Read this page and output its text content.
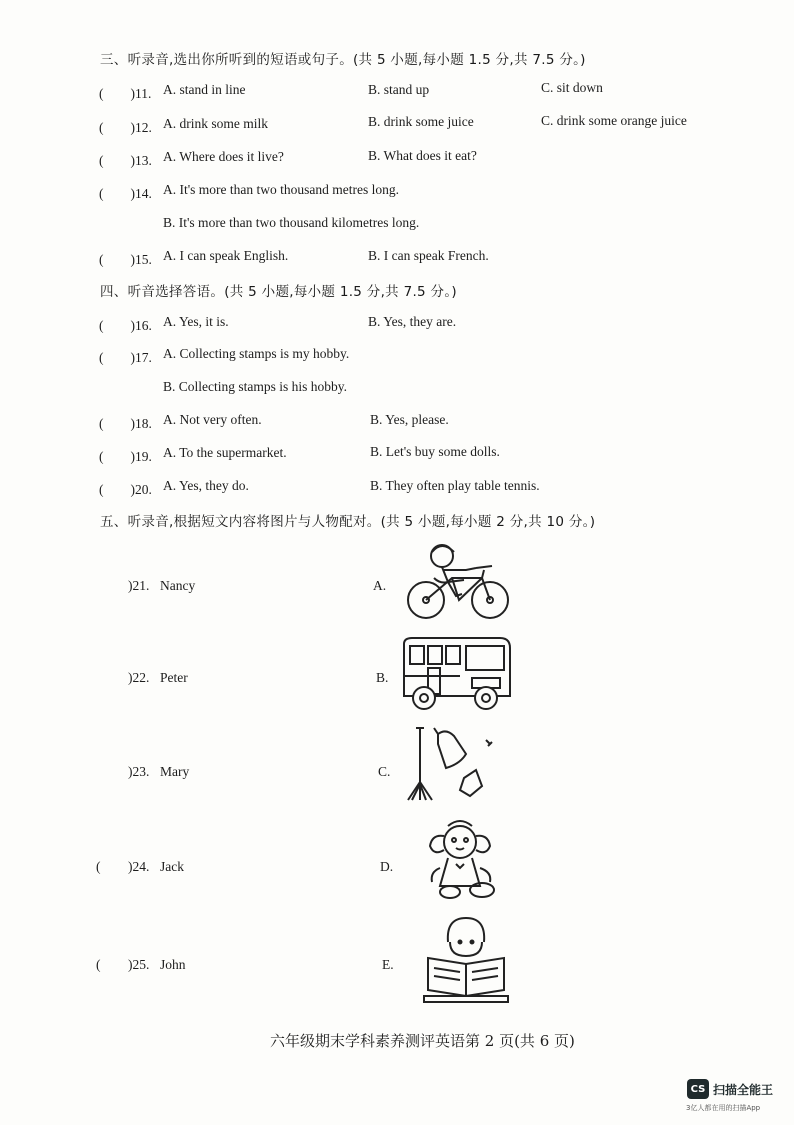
三、听录音,选出你所听到的短语或句子。(共 5 小题,每小题 1.5 分,共 7.5 分。)
(　　)11. A. stand in line	B. stand up	C. sit down
(　　)12. A. drink some milk	B. drink some juice	C. drink some orange juice
(　　)13. A. Where does it live?	B. What does it eat?
(　　)14. A. It's more than two thousand metres long.
B. It's more than two thousand kilometres long.
(　　)15. A. I can speak English.	B. I can speak French.
四、听音选择答语。(共 5 小题,每小题 1.5 分,共 7.5 分。)
(　　)16. A. Yes, it is.	B. Yes, they are.
(　　)17. A. Collecting stamps is my hobby.
B. Collecting stamps is his hobby.
(　　)18. A. Not very often.	B. Yes, please.
(　　)19. A. To the supermarket.	B. Let's buy some dolls.
(　　)20. A. Yes, they do.	B. They often play table tennis.
五、听录音,根据短文内容将图片与人物配对。(共 5 小题,每小题 2 分,共 10 分。)
)21. Nancy	A.
)22. Peter	B.
)23. Mary	C.
( )24. Jack	D.
( )25. John	E.
六年级期末学科素养测评英语第 2 页(共 6 页)
CS 扫描全能王
3亿人都在用的扫描App
